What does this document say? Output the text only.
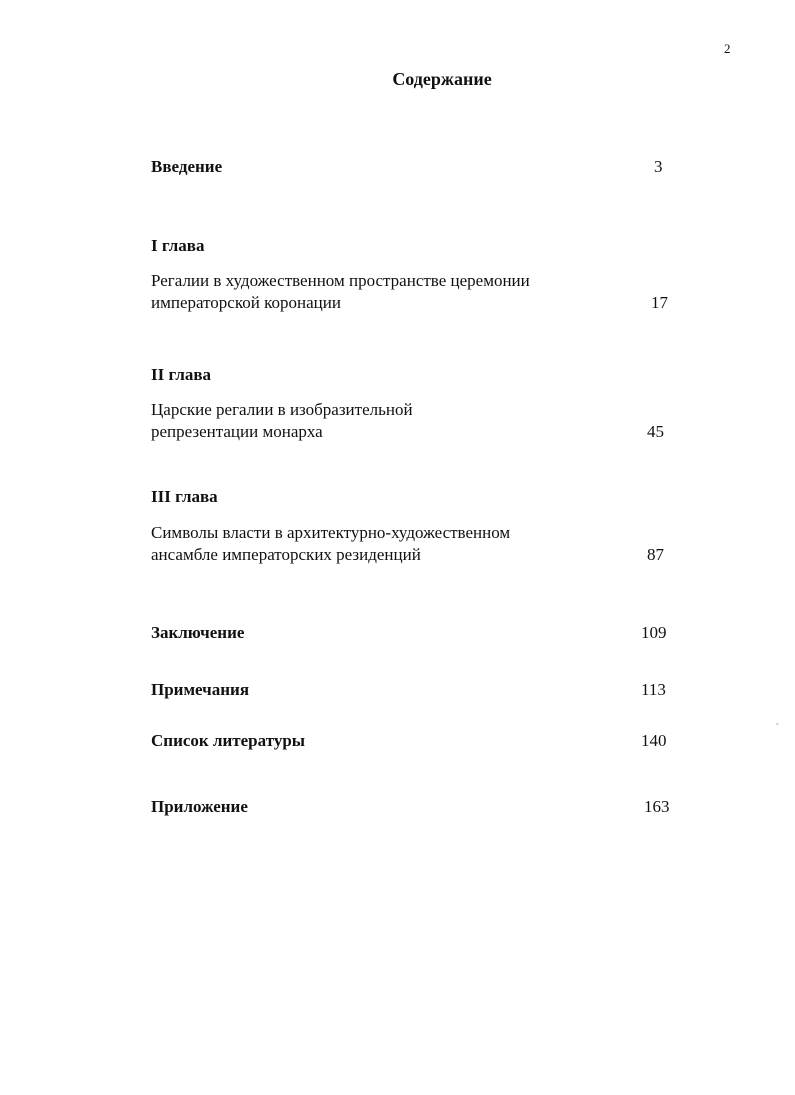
2
Содержание
Введение	3
I глава
Регалии в художественном пространстве церемонии
императорской коронации	17
II глава
Царские регалии в изобразительной
репрезентации монарха	45
III глава
Символы власти в архитектурно-художественном
ансамбле императорских резиденций	87
Заключение	109
Примечания	113
Список литературы	140
Приложение	163
˜
